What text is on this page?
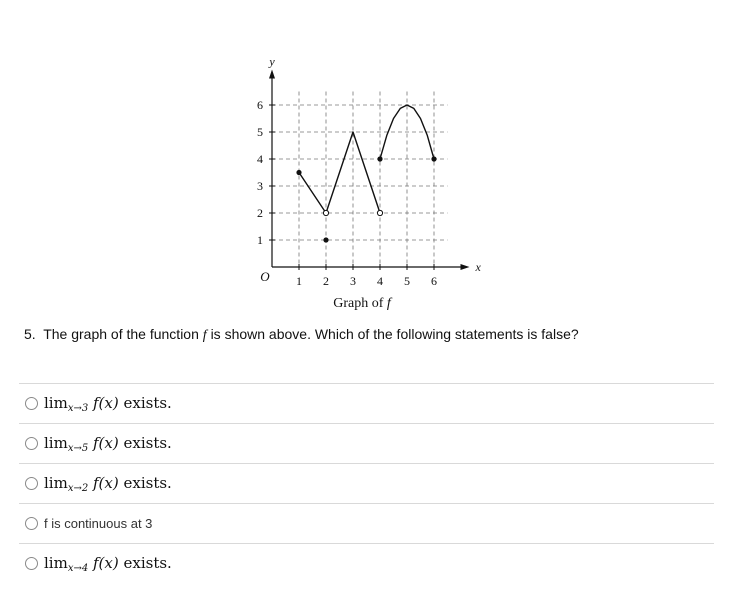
x
y
O 1 2 3 4 5 6
1
2
3
4
5
6
Graph of f
5. The graph of the function f is shown above. Which of the following statements is false?
$\lim_{x\to 3} f(x)$ exists.
$\lim_{x\to 5} f(x)$ exists.
$\lim_{x\to 2} f(x)$ exists.
f is continuous at 3
$\lim_{x\to 4} f(x)$ exists.
